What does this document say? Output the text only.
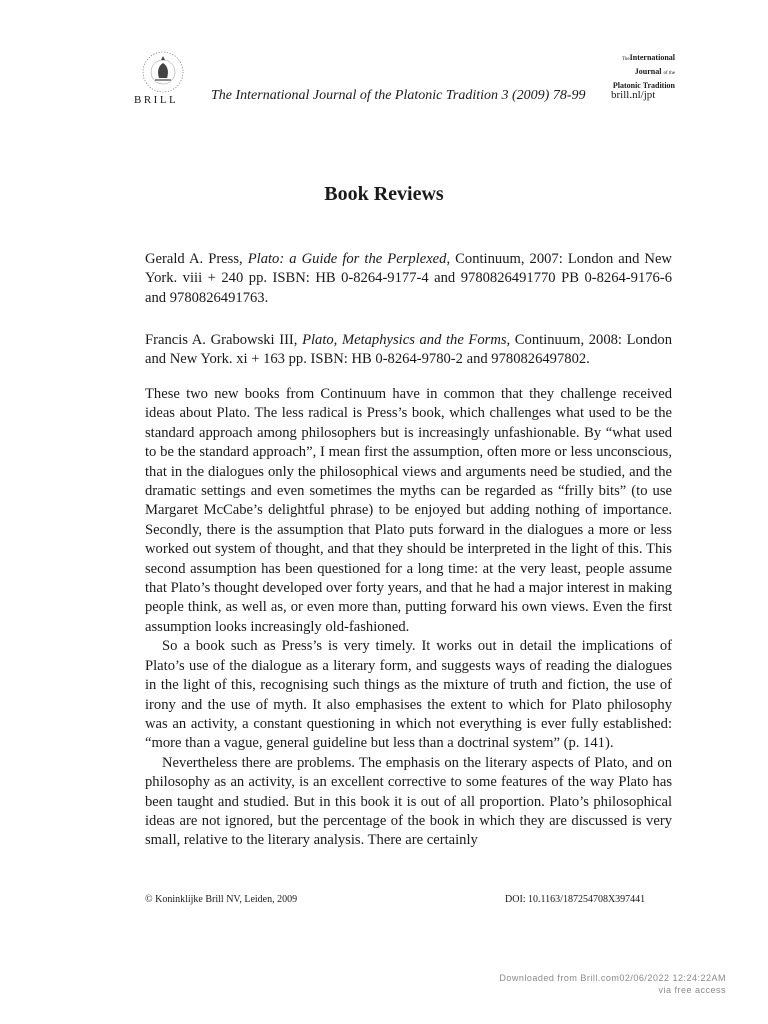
BRILL The International Journal of the Platonic Tradition 3 (2009) 78-99 brill.nl/jpt
TheInternational
Journal of the
Platonic Tradition
Book Reviews

Gerald A. Press, Plato: a Guide for the Perplexed, Continuum, 2007: London and New York. viii + 240 pp. ISBN: HB 0-8264-9177-4 and 9780826491770 PB 0-8264-9176-6 and 9780826491763.

Francis A. Grabowski III, Plato, Metaphysics and the Forms, Continuum, 2008: London and New York. xi + 163 pp. ISBN: HB 0-8264-9780-2 and 9780826497802.

These two new books from Continuum have in common that they challenge received ideas about Plato. The less radical is Press’s book, which challenges what used to be the standard approach among philosophers but is increasingly unfashionable. By “what used to be the standard approach”, I mean first the assumption, often more or less unconscious, that in the dialogues only the philosophical views and arguments need be studied, and the dramatic settings and even sometimes the myths can be regarded as “frilly bits” (to use Margaret McCabe’s delightful phrase) to be enjoyed but adding nothing of importance. Secondly, there is the assumption that Plato puts forward in the dialogues a more or less worked out system of thought, and that they should be interpreted in the light of this. This second assumption has been questioned for a long time: at the very least, people assume that Plato’s thought developed over forty years, and that he had a major interest in making people think, as well as, or even more than, putting forward his own views. Even the first assumption looks increasingly old-fashioned.

So a book such as Press’s is very timely. It works out in detail the implications of Plato’s use of the dialogue as a literary form, and suggests ways of reading the dialogues in the light of this, recognising such things as the mixture of truth and fiction, the use of irony and the use of myth. It also emphasises the extent to which for Plato philosophy was an activity, a constant questioning in which not everything is ever fully established: “more than a vague, general guideline but less than a doctrinal system” (p. 141).

Nevertheless there are problems. The emphasis on the literary aspects of Plato, and on philosophy as an activity, is an excellent corrective to some features of the way Plato has been taught and studied. But in this book it is out of all proportion. Plato’s philosophical ideas are not ignored, but the percentage of the book in which they are discussed is very small, relative to the literary analysis. There are certainly

© Koninklijke Brill NV, Leiden, 2009	DOI: 10.1163/187254708X397441
Downloaded from Brill.com02/06/2022 12:24:22AM
via free access
